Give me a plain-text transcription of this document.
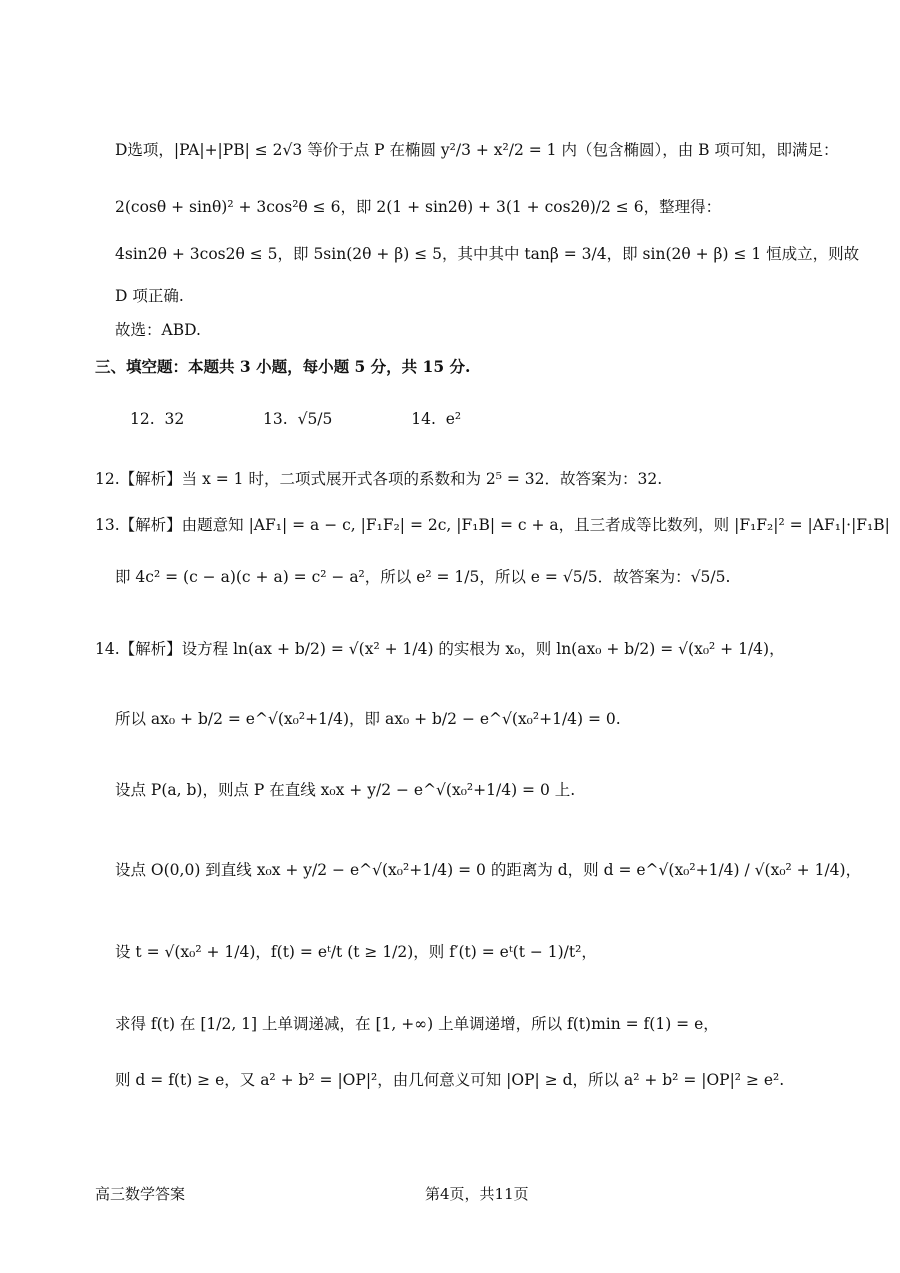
D选项，|PA|+|PB| ≤ 2√3 等价于点 P 在椭圆 y²/3 + x²/2 = 1 内（包含椭圆），由 B 项可知，即满足：
2(cosθ + sinθ)² + 3cos²θ ≤ 6，即 2(1 + sin2θ) + 3(1 + cos2θ)/2 ≤ 6，整理得：
4sin2θ + 3cos2θ ≤ 5，即 5sin(2θ + β) ≤ 5，其中其中 tanβ = 3/4，即 sin(2θ + β) ≤ 1 恒成立，则故
D 项正确.
故选：ABD.
三、填空题：本题共 3 小题，每小题 5 分，共 15 分.
12.  32                13.  √5/5                14.  e²
12.【解析】当 x = 1 时，二项式展开式各项的系数和为 2⁵ = 32．故答案为：32.
13.【解析】由题意知 |AF₁| = a − c, |F₁F₂| = 2c, |F₁B| = c + a，且三者成等比数列，则 |F₁F₂|² = |AF₁|·|F₁B|
即 4c² = (c − a)(c + a) = c² − a²，所以 e² = 1/5，所以 e = √5/5．故答案为：√5/5.
14.【解析】设方程 ln(ax + b/2) = √(x² + 1/4) 的实根为 x₀，则 ln(ax₀ + b/2) = √(x₀² + 1/4)，
所以 ax₀ + b/2 = e^√(x₀²+1/4)，即 ax₀ + b/2 − e^√(x₀²+1/4) = 0.
设点 P(a, b)，则点 P 在直线 x₀x + y/2 − e^√(x₀²+1/4) = 0 上.
设点 O(0,0) 到直线 x₀x + y/2 − e^√(x₀²+1/4) = 0 的距离为 d，则 d = e^√(x₀²+1/4) / √(x₀² + 1/4)，
设 t = √(x₀² + 1/4)，f(t) = eᵗ/t (t ≥ 1/2)，则 f′(t) = eᵗ(t − 1)/t²，
求得 f(t) 在 [1/2, 1] 上单调递减，在 [1, +∞) 上单调递增，所以 f(t)min = f(1) = e，
则 d = f(t) ≥ e，又 a² + b² = |OP|²，由几何意义可知 |OP| ≥ d，所以 a² + b² = |OP|² ≥ e².
高三数学答案	第4页，共11页
